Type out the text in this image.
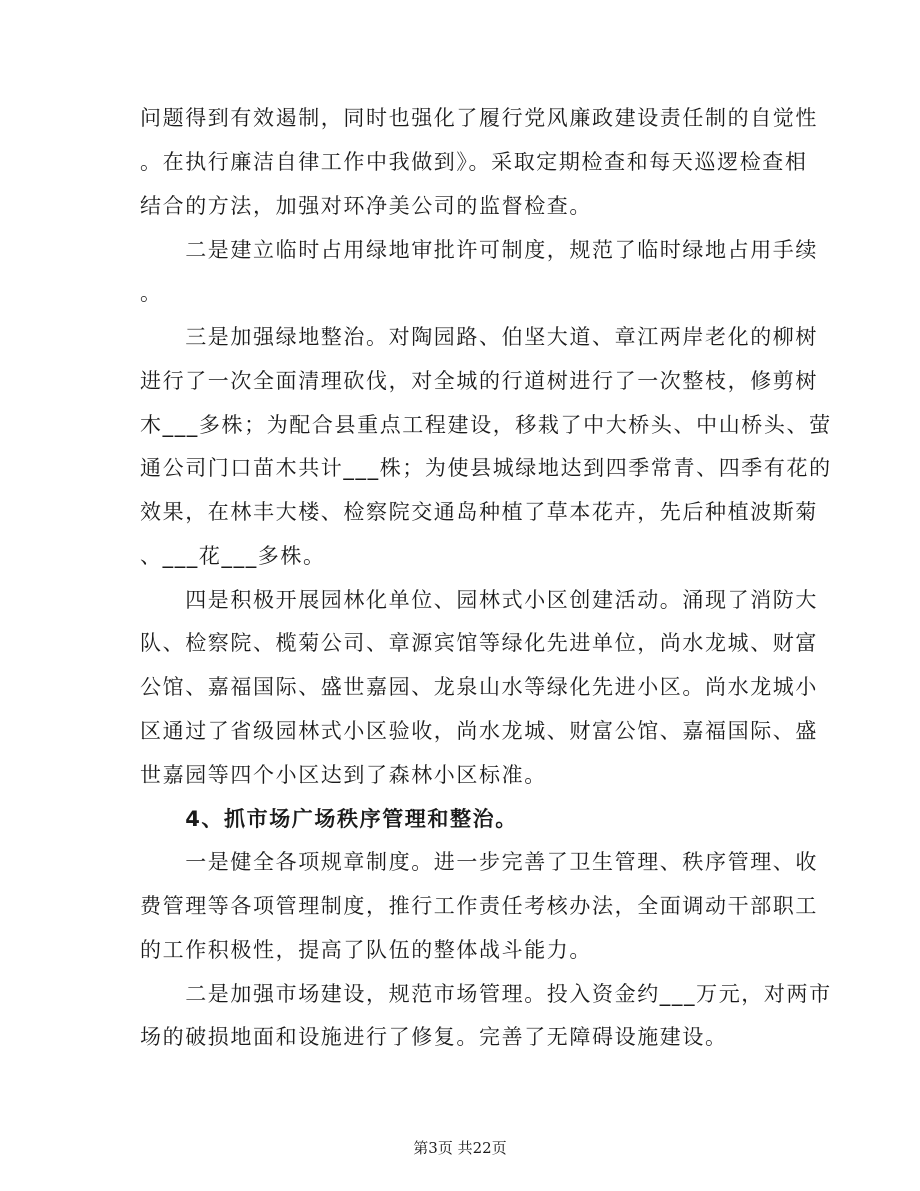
问题得到有效遏制，同时也强化了履行党风廉政建设责任制的自觉性
。在执行廉洁自律工作中我做到》。采取定期检查和每天巡逻检查相
结合的方法，加强对环净美公司的监督检查。
　　二是建立临时占用绿地审批许可制度，规范了临时绿地占用手续
。
　　三是加强绿地整治。对陶园路、伯坚大道、章江两岸老化的柳树
进行了一次全面清理砍伐，对全城的行道树进行了一次整枝，修剪树
木___多株；为配合县重点工程建设，移栽了中大桥头、中山桥头、萤
通公司门口苗木共计___株；为使县城绿地达到四季常青、四季有花的
效果，在林丰大楼、检察院交通岛种植了草本花卉，先后种植波斯菊
、___花___多株。
　　四是积极开展园林化单位、园林式小区创建活动。涌现了消防大
队、检察院、榄菊公司、章源宾馆等绿化先进单位，尚水龙城、财富
公馆、嘉福国际、盛世嘉园、龙泉山水等绿化先进小区。尚水龙城小
区通过了省级园林式小区验收，尚水龙城、财富公馆、嘉福国际、盛
世嘉园等四个小区达到了森林小区标准。
　　4、抓市场广场秩序管理和整治。
　　一是健全各项规章制度。进一步完善了卫生管理、秩序管理、收
费管理等各项管理制度，推行工作责任考核办法，全面调动干部职工
的工作积极性，提高了队伍的整体战斗能力。
　　二是加强市场建设，规范市场管理。投入资金约___万元，对两市
场的破损地面和设施进行了修复。完善了无障碍设施建设。
第3页 共22页
